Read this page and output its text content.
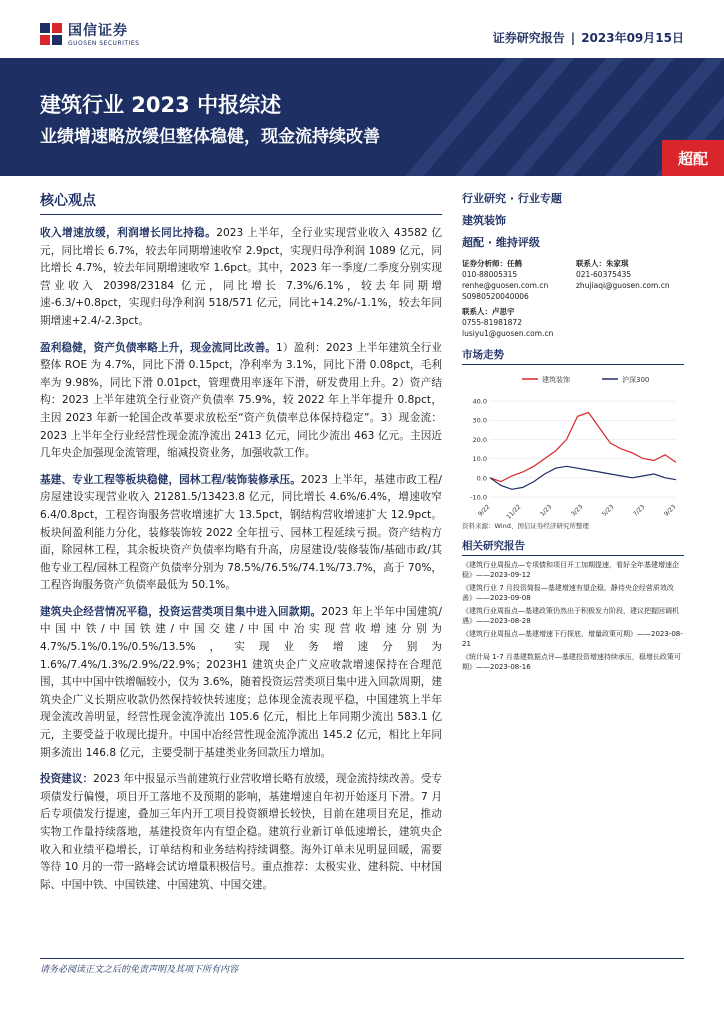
国信证券
GUOSEN SECURITIES	证券研究报告 | 2023年09月15日
建筑行业 2023 中报综述
业绩增速略放缓但整体稳健，现金流持续改善
超配
核心观点

收入增速放缓，利润增长同比持稳。2023 上半年，全行业实现营业收入 43582 亿元，同比增长 6.7%，较去年同期增速收窄 2.9pct，实现归母净利润 1089 亿元，同比增长 4.7%，较去年同期增速收窄 1.6pct。其中，2023 年一季度/二季度分别实现营业收入 20398/23184 亿元，同比增长 7.3%/6.1%，较去年同期增速-6.3/+0.8pct，实现归母净利润 518/571 亿元，同比+14.2%/-1.1%，较去年同期增速+2.4/-2.3pct。

盈利稳健，资产负债率略上升，现金流同比改善。1）盈利：2023 上半年建筑全行业整体 ROE 为 4.7%，同比下滑 0.15pct，净利率为 3.1%，同比下滑 0.08pct，毛利率为 9.98%，同比下滑 0.01pct，管理费用率逐年下滑，研发费用上升。2）资产结构：2023 上半年建筑全行业资产负债率 75.9%，较 2022 年上半年提升 0.8pct，主因 2023 年新一轮国企改革要求放松至“资产负债率总体保持稳定”。3）现金流：2023 上半年全行业经营性现金流净流出 2413 亿元，同比少流出 463 亿元。主因近几年央企加强现金流管理，缩减投资业务，加强收款工作。

基建、专业工程等板块稳健，园林工程/装饰装修承压。2023 上半年，基建市政工程/房屋建设实现营业收入 21281.5/13423.8 亿元，同比增长 4.6%/6.4%，增速收窄 6.4/0.8pct，工程咨询服务营收增速扩大 13.5pct，钢结构营收增速扩大 12.9pct。板块间盈利能力分化，装修装饰较 2022 全年扭亏、园林工程延续亏损。资产结构方面，除园林工程，其余板块资产负债率均略有升高，房屋建设/装修装饰/基础市政/其他专业工程/园林工程资产负债率分别为 78.5%/76.5%/74.1%/73.7%，高于 70%，工程咨询服务资产负债率最低为 50.1%。

建筑央企经营情况平稳，投资运营类项目集中进入回款期。2023 年上半年中国建筑/中国中铁/中国铁建/中国交建/中国中冶实现营收增速分别为 4.7%/5.1%/0.1%/0.5%/13.5%，实现业务增速分别为 1.6%/7.4%/1.3%/2.9%/22.9%；2023H1 建筑央企广义应收款增速保持在合理范围，其中中国中铁增幅较小，仅为 3.6%，随着投资运营类项目集中进入回款周期，建筑央企广义长期应收款仍然保持较快转速度；总体现金流表现平稳，中国建筑上半年现金流改善明显，经营性现金流净流出 105.6 亿元，相比上年同期少流出 583.1 亿元，主要受益于收现比提升。中国中冶经营性现金流净流出 145.2 亿元，相比上年同期多流出 146.8 亿元，主要受制于基建类业务回款压力增加。

投资建议：2023 年中报显示当前建筑行业营收增长略有放缓，现金流持续改善。受专项债发行偏慢，项目开工落地不及预期的影响，基建增速自年初开始逐月下滑。7 月后专项债发行提速，叠加三年内开工项目投资额增长较快，目前在建项目充足，推动实物工作量持续落地，基建投资年内有望企稳。建筑行业新订单低速增长，建筑央企收入和业绩平稳增长，订单结构和业务结构持续调整。海外订单未见明显回暖，需要等待 10 月的一带一路峰会试访增量积极信号。重点推荐：太极实业、建科院、中材国际、中国中铁、中国铁建、中国建筑、中国交建。

行业研究 · 行业专题
建筑装饰
超配 · 维持评级
证券分析师：任鹤
010-88005315
renhe@guosen.com.cn
S0980520040006
联系人：朱家琪
021-60375435
zhujiaqi@guosen.com.cn
联系人：卢思宇
0755-81981872
lusiyu1@guosen.com.cn
市场走势
建筑装饰	沪深300
40.0
30.0
20.0
10.0
0.0
-10.0
9/22 11/22	1/23	3/23	5/23	7/23	9/23
资料来源：Wind、国信证券经济研究所整理
相关研究报告
《建筑行业周报点—专项债和项目开工加期提速，看好全年基建增速企稳》——2023-09-12
《建筑行业 7 月投资简报—基建增速有望企稳，静待央企经营质效改善》——2023-09-08
《建筑行业周报点—基建政策仍然出于积极发力阶段，建议把握回调机遇》——2023-08-28
《建筑行业周报点—基建增速下行探底，增量政策可期》——2023-08-21
《统计局 1-7 月基建数据点评—基建投资增速持续承压，稳增长政策可期》——2023-08-16
请务必阅读正文之后的免责声明及其项下所有内容
